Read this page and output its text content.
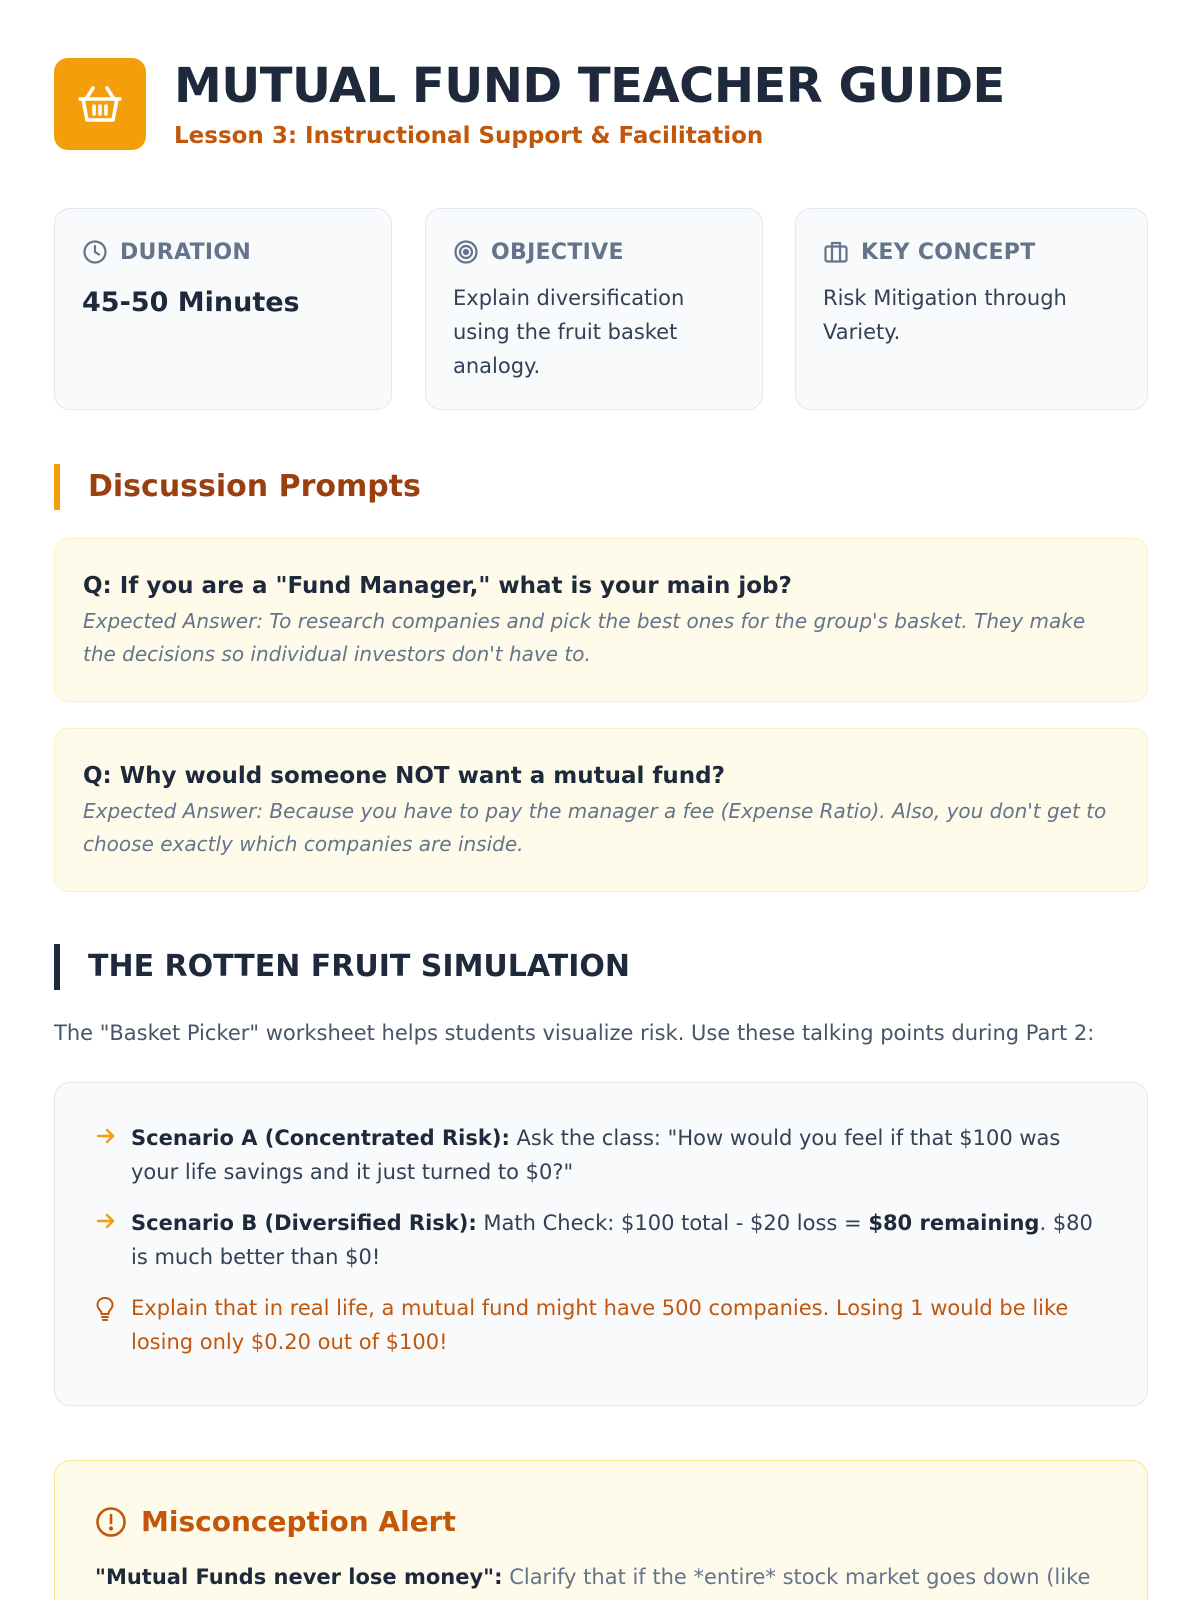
MUTUAL FUND TEACHER GUIDE
Lesson 3: Instructional Support & Facilitation
DURATION
45-50 Minutes
OBJECTIVE
Explain diversification using the fruit basket analogy.
KEY CONCEPT
Risk Mitigation through Variety.
Discussion Prompts
Q: If you are a "Fund Manager," what is your main job?
Expected Answer: To research companies and pick the best ones for the group's basket. They make the decisions so individual investors don't have to.
Q: Why would someone NOT want a mutual fund?
Expected Answer: Because you have to pay the manager a fee (Expense Ratio). Also, you don't get to choose exactly which companies are inside.
THE ROTTEN FRUIT SIMULATION
The "Basket Picker" worksheet helps students visualize risk. Use these talking points during Part 2:
Scenario A (Concentrated Risk): Ask the class: "How would you feel if that $100 was your life savings and it just turned to $0?"
Scenario B (Diversified Risk): Math Check: $100 total - $20 loss = $80 remaining. $80 is much better than $0!
Explain that in real life, a mutual fund might have 500 companies. Losing 1 would be like losing only $0.20 out of $100!
Misconception Alert
"Mutual Funds never lose money": Clarify that if the *entire* stock market goes down (like
